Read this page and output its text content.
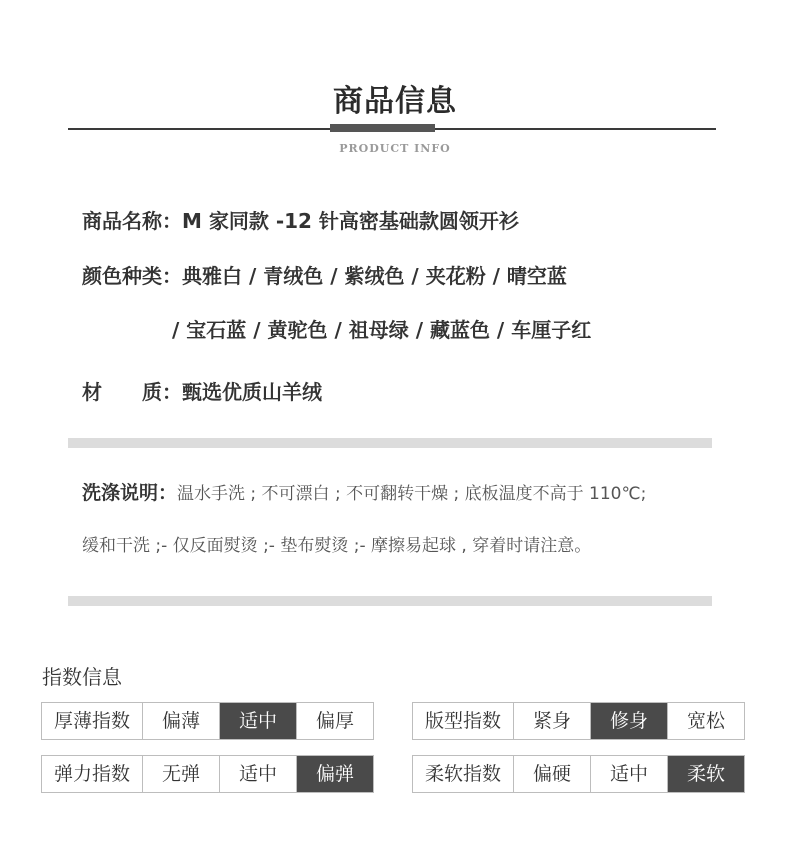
商品信息
PRODUCT INFO
商品名称：M 家同款 -12 针高密基础款圆领开衫
颜色种类：典雅白 / 青绒色 / 紫绒色 / 夹花粉 / 晴空蓝
/ 宝石蓝 / 黄驼色 / 祖母绿 / 藏蓝色 / 车厘子红
材　　质：甄选优质山羊绒
洗涤说明：温水手洗 ; 不可漂白 ; 不可翻转干燥 ; 底板温度不高于 110℃;
缓和干洗 ;- 仅反面熨烫 ;- 垫布熨烫 ;- 摩擦易起球 , 穿着时请注意。
指数信息
厚薄指数	偏薄	适中	偏厚	版型指数	紧身	修身	宽松
弹力指数	无弹	适中	偏弹	柔软指数	偏硬	适中	柔软
